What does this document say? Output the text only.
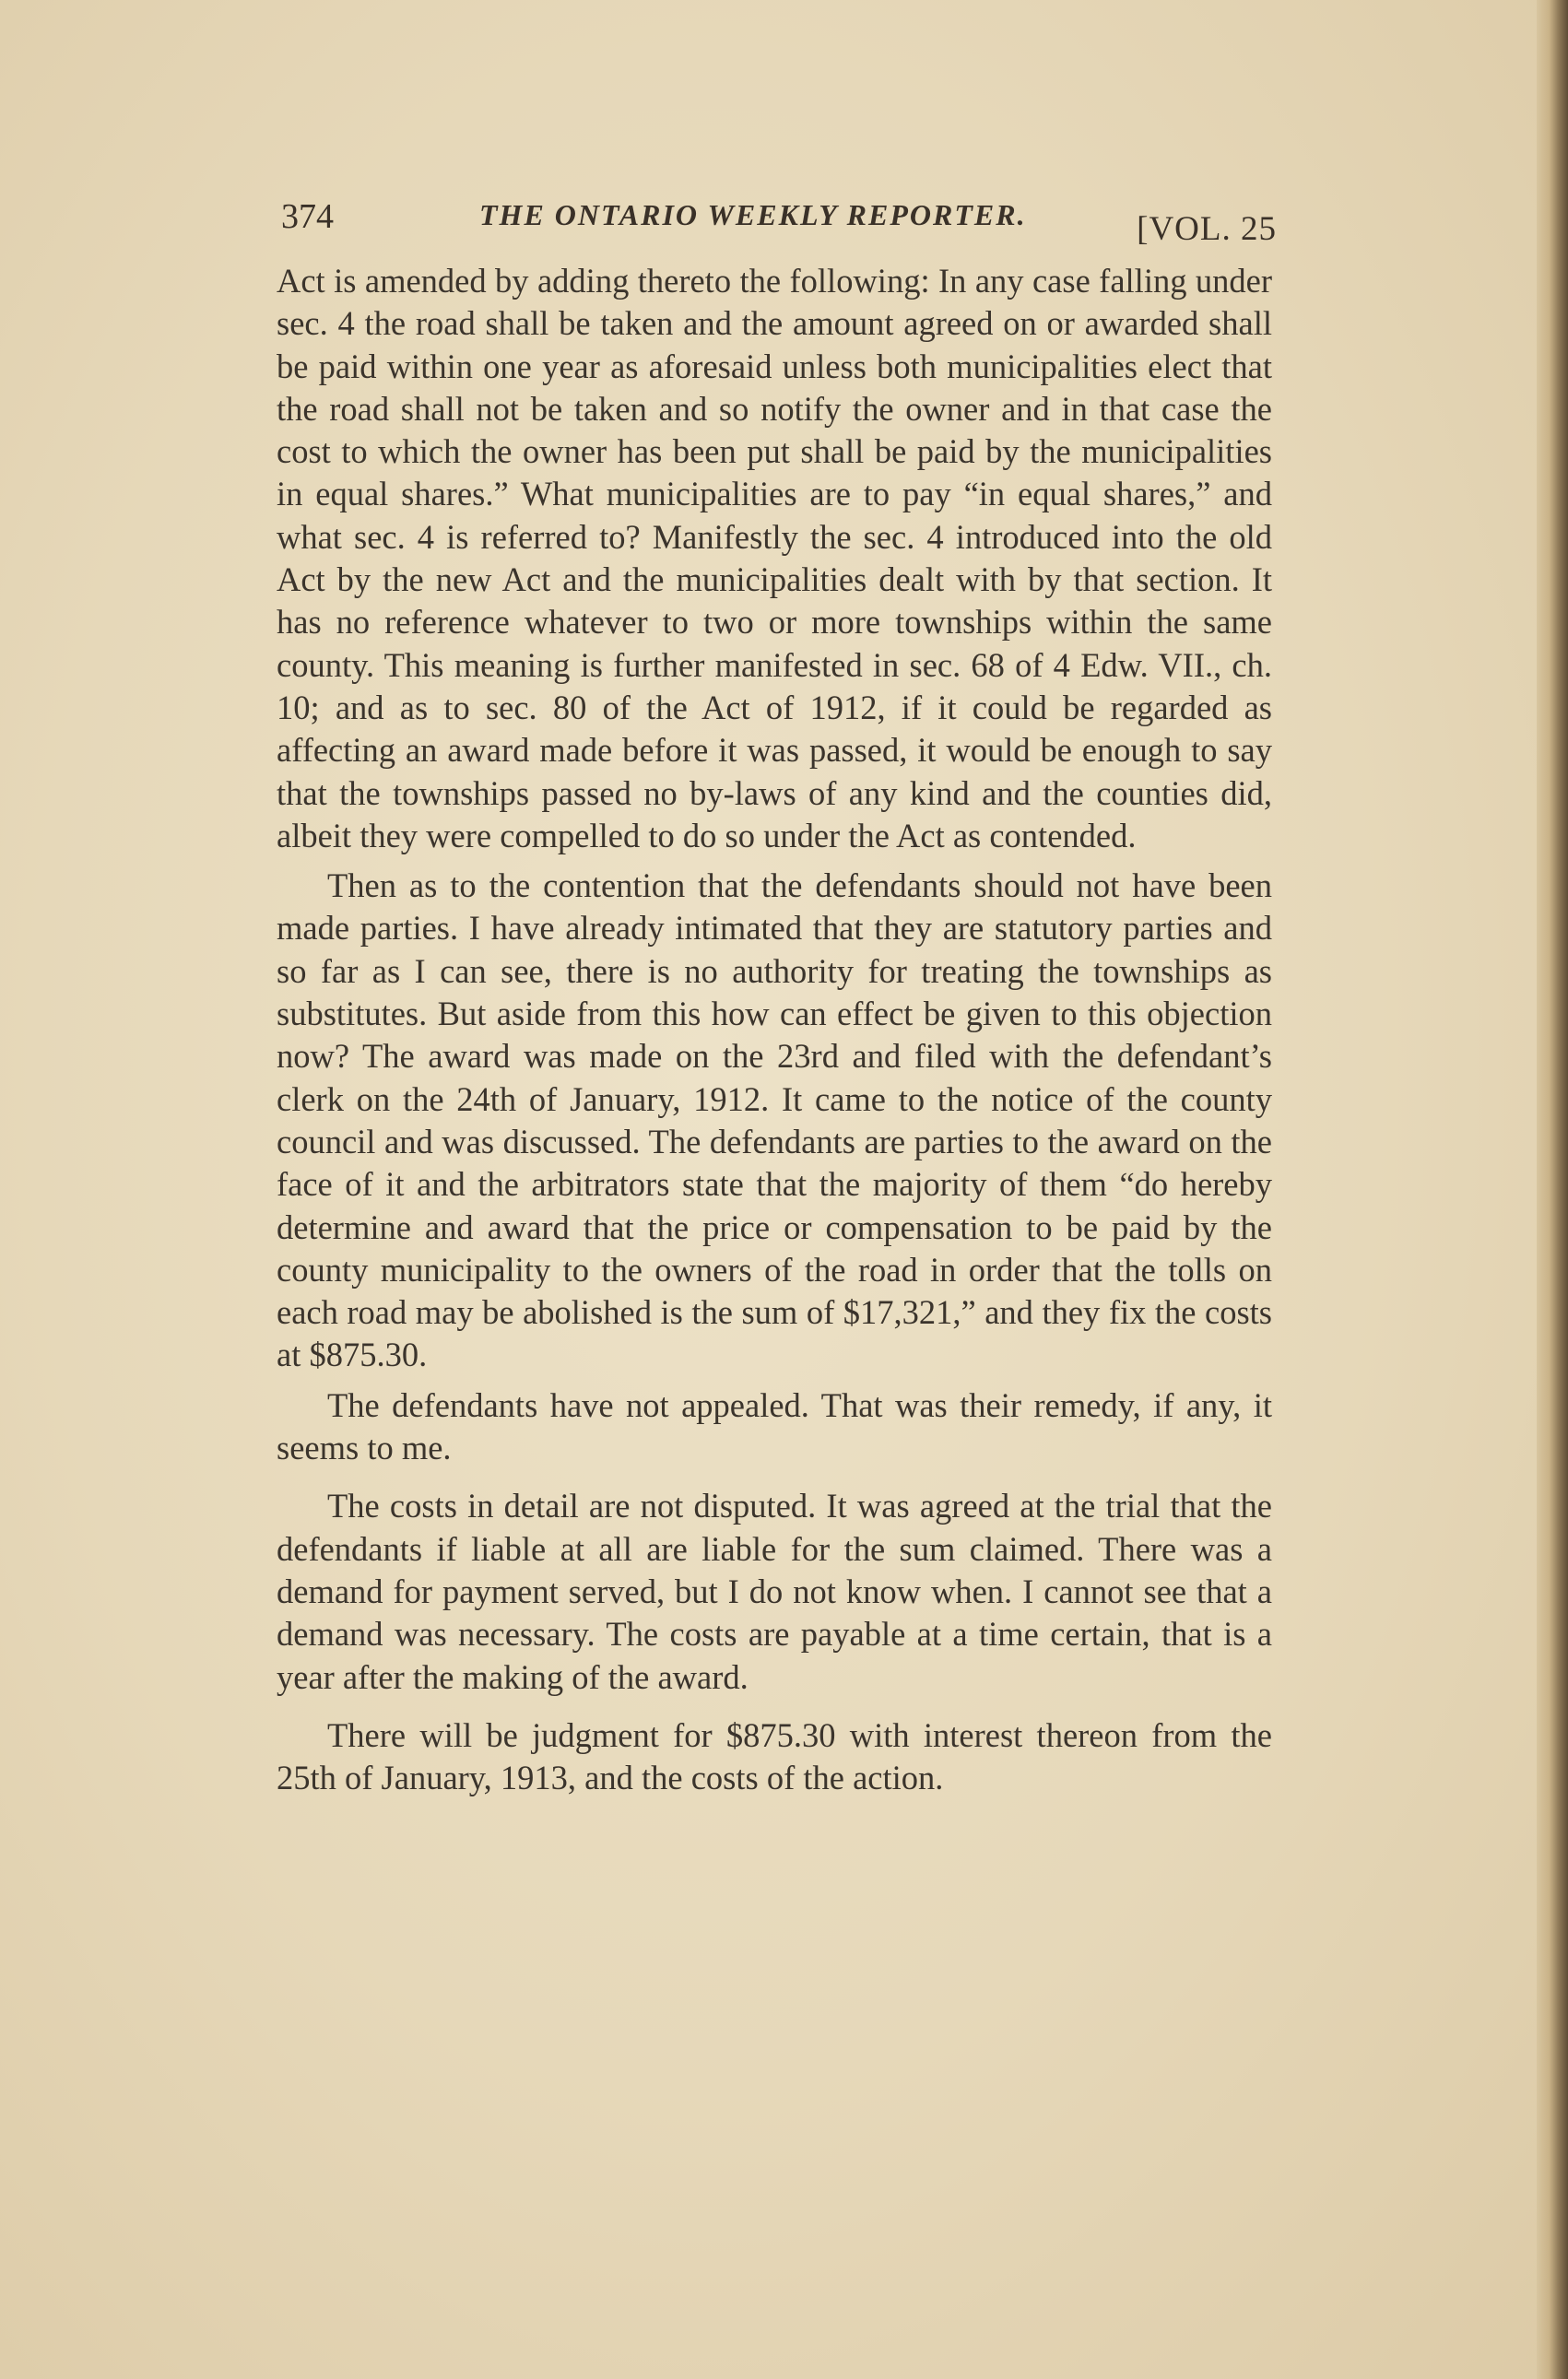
374	THE ONTARIO WEEKLY REPORTER.	[VOL. 25

Act is amended by adding thereto the following: In any case falling under sec. 4 the road shall be taken and the amount agreed on or awarded shall be paid within one year as aforesaid unless both municipalities elect that the road shall not be taken and so notify the owner and in that case the cost to which the owner has been put shall be paid by the municipalities in equal shares.” What municipalities are to pay “in equal shares,” and what sec. 4 is referred to? Manifestly the sec. 4 introduced into the old Act by the new Act and the municipalities dealt with by that section. It has no reference whatever to two or more townships within the same county. This meaning is further manifested in sec. 68 of 4 Edw. VII., ch. 10; and as to sec. 80 of the Act of 1912, if it could be regarded as affecting an award made before it was passed, it would be enough to say that the townships passed no by-laws of any kind and the counties did, albeit they were compelled to do so under the Act as contended.

Then as to the contention that the defendants should not have been made parties. I have already intimated that they are statutory parties and so far as I can see, there is no authority for treating the townships as substitutes. But aside from this how can effect be given to this objection now? The award was made on the 23rd and filed with the defendant’s clerk on the 24th of January, 1912. It came to the notice of the county council and was discussed. The defendants are parties to the award on the face of it and the arbitrators state that the majority of them “do hereby determine and award that the price or compensation to be paid by the county municipality to the owners of the road in order that the tolls on each road may be abolished is the sum of $17,321,” and they fix the costs at $875.30.

The defendants have not appealed. That was their remedy, if any, it seems to me.

The costs in detail are not disputed. It was agreed at the trial that the defendants if liable at all are liable for the sum claimed. There was a demand for payment served, but I do not know when. I cannot see that a demand was necessary. The costs are payable at a time certain, that is a year after the making of the award.

There will be judgment for $875.30 with interest thereon from the 25th of January, 1913, and the costs of the action.
